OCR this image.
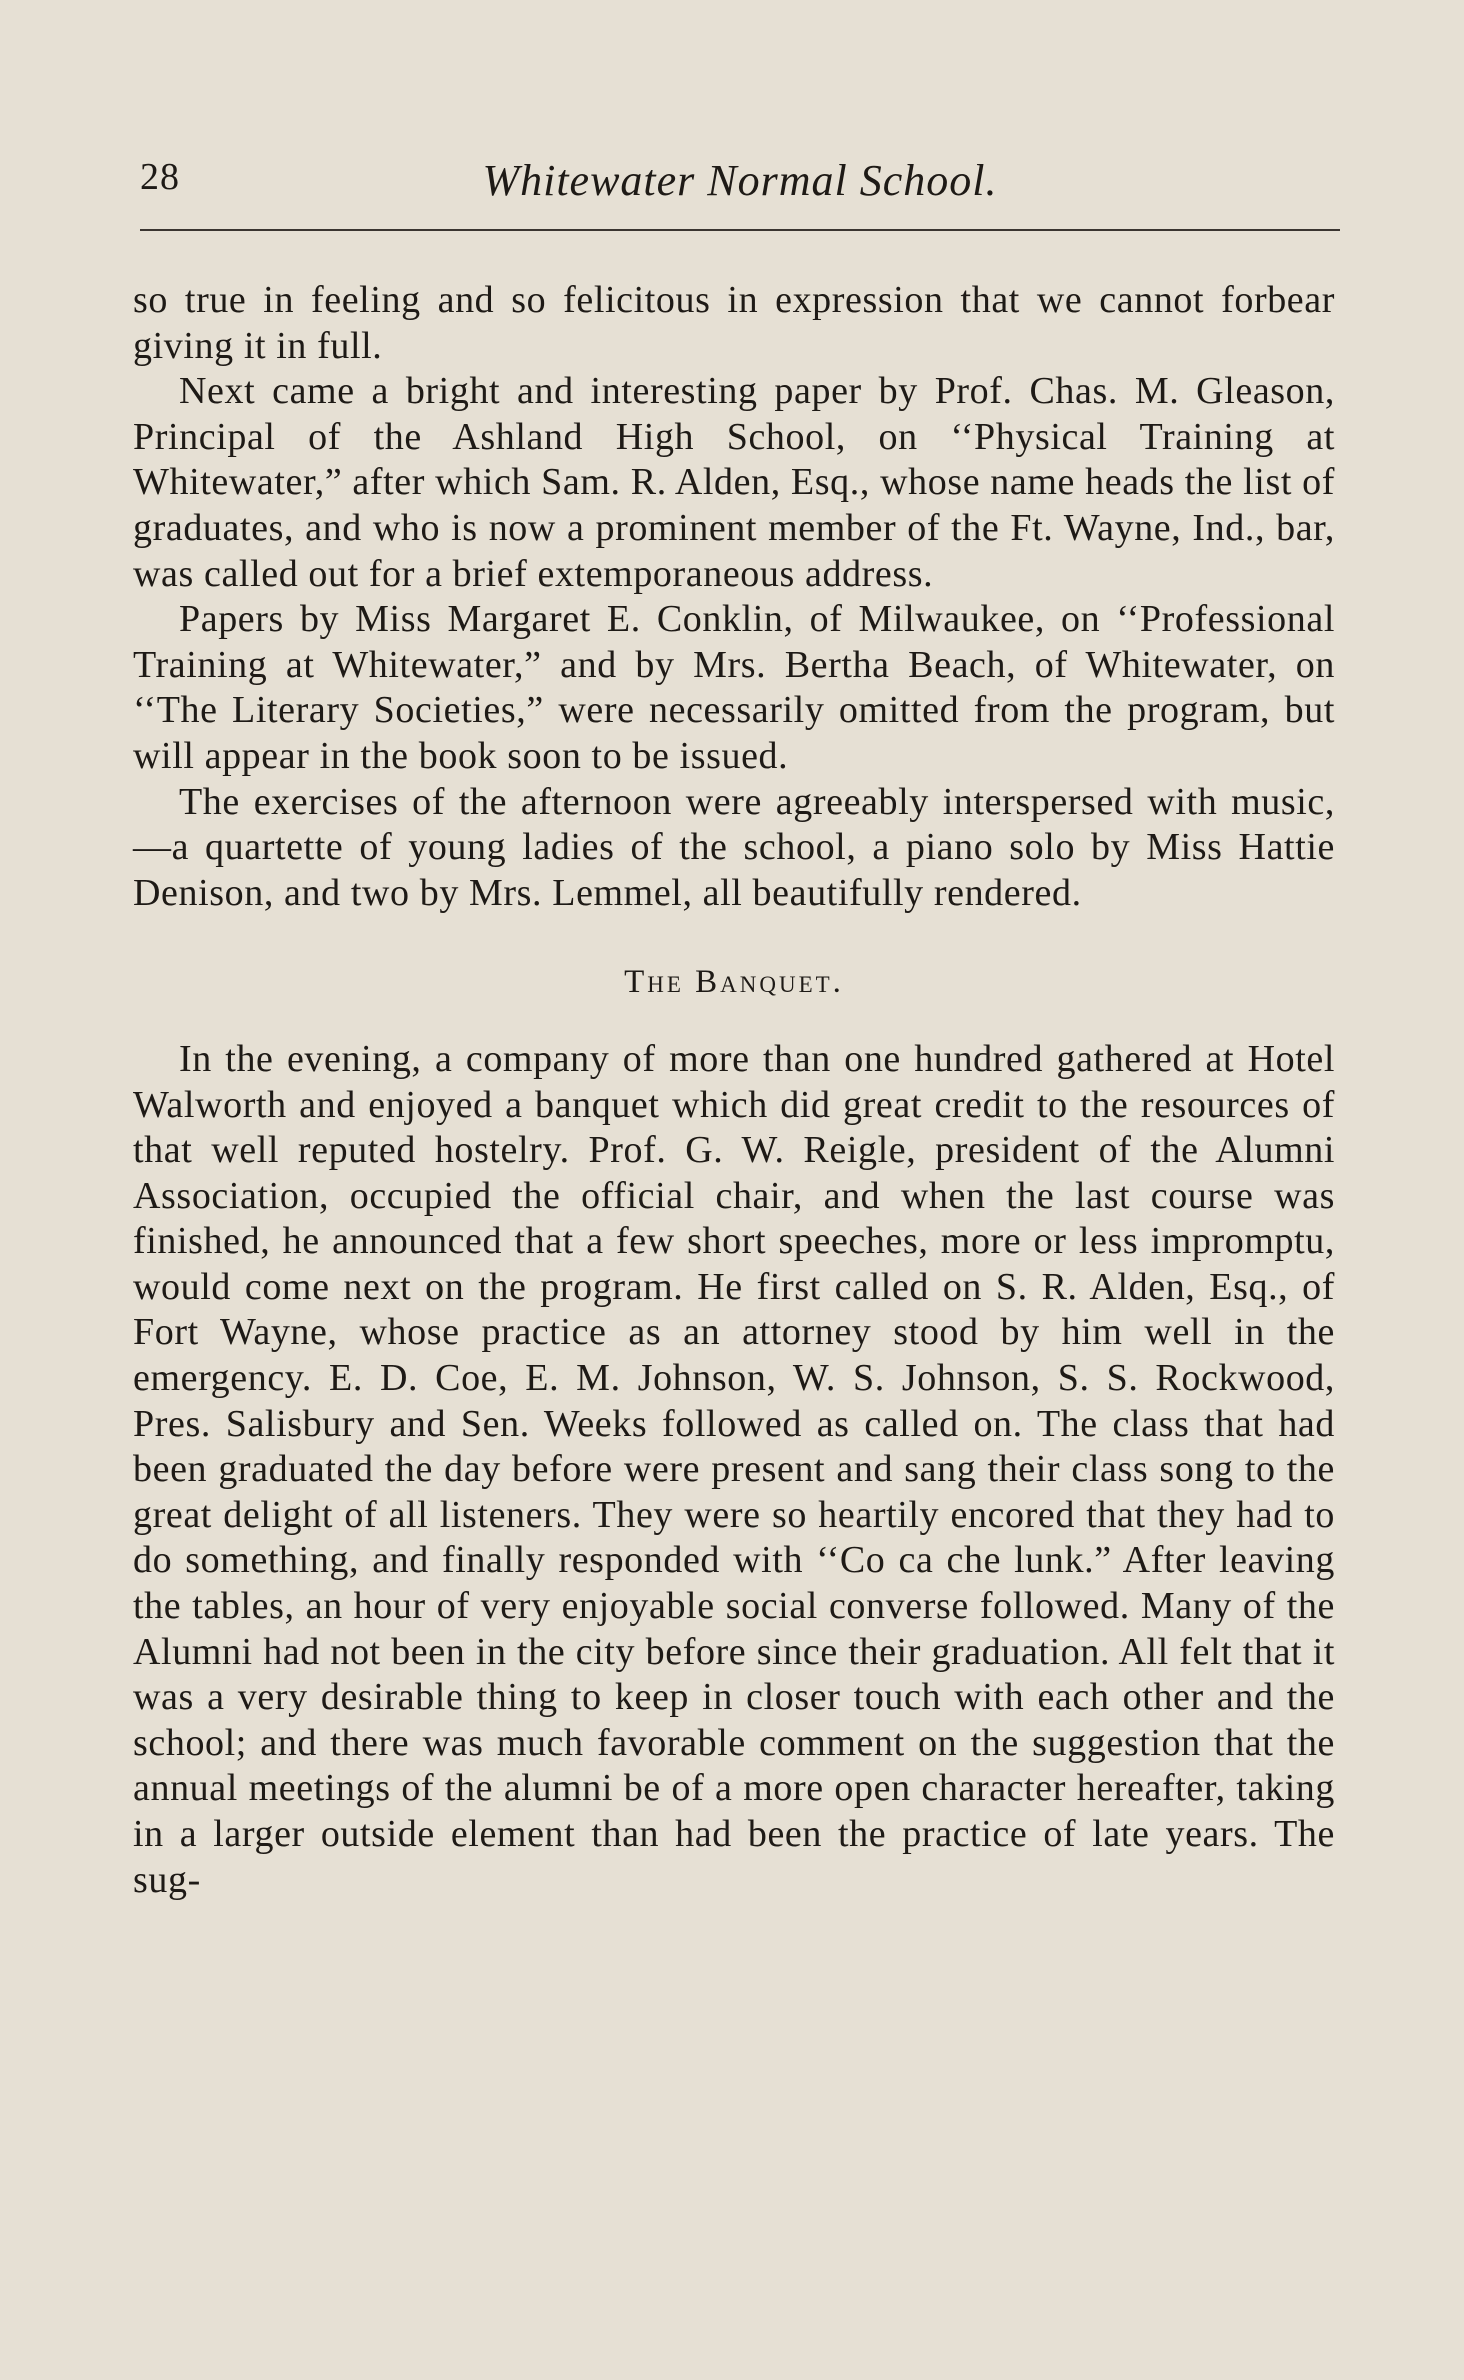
28	Whitewater Normal School.

so true in feeling and so felicitous in expression that we cannot forbear giving it in full.

Next came a bright and interesting paper by Prof. Chas. M. Gleason, Principal of the Ashland High School, on ‘‘Physical Training at Whitewater,” after which Sam. R. Alden, Esq., whose name heads the list of graduates, and who is now a prominent member of the Ft. Wayne, Ind., bar, was called out for a brief extemporaneous address.

Papers by Miss Margaret E. Conklin, of Milwaukee, on ‘‘Professional Training at Whitewater,” and by Mrs. Bertha Beach, of Whitewater, on ‘‘The Literary Societies,” were necessarily omitted from the program, but will appear in the book soon to be issued.

The exercises of the afternoon were agreeably interspersed with music,—a quartette of young ladies of the school, a piano solo by Miss Hattie Denison, and two by Mrs. Lemmel, all beautifully rendered.

The Banquet.

In the evening, a company of more than one hundred gathered at Hotel Walworth and enjoyed a banquet which did great credit to the resources of that well reputed hostelry. Prof. G. W. Reigle, president of the Alumni Association, occupied the official chair, and when the last course was finished, he announced that a few short speeches, more or less impromptu, would come next on the program. He first called on S. R. Alden, Esq., of Fort Wayne, whose practice as an attorney stood by him well in the emergency. E. D. Coe, E. M. Johnson, W. S. Johnson, S. S. Rockwood, Pres. Salisbury and Sen. Weeks followed as called on. The class that had been graduated the day before were present and sang their class song to the great delight of all listeners. They were so heartily encored that they had to do something, and finally responded with ‘‘Co ca che lunk.” After leaving the tables, an hour of very enjoyable social converse followed. Many of the Alumni had not been in the city before since their graduation. All felt that it was a very desirable thing to keep in closer touch with each other and the school; and there was much favorable comment on the suggestion that the annual meetings of the alumni be of a more open character hereafter, taking in a larger outside element than had been the practice of late years. The sug-
